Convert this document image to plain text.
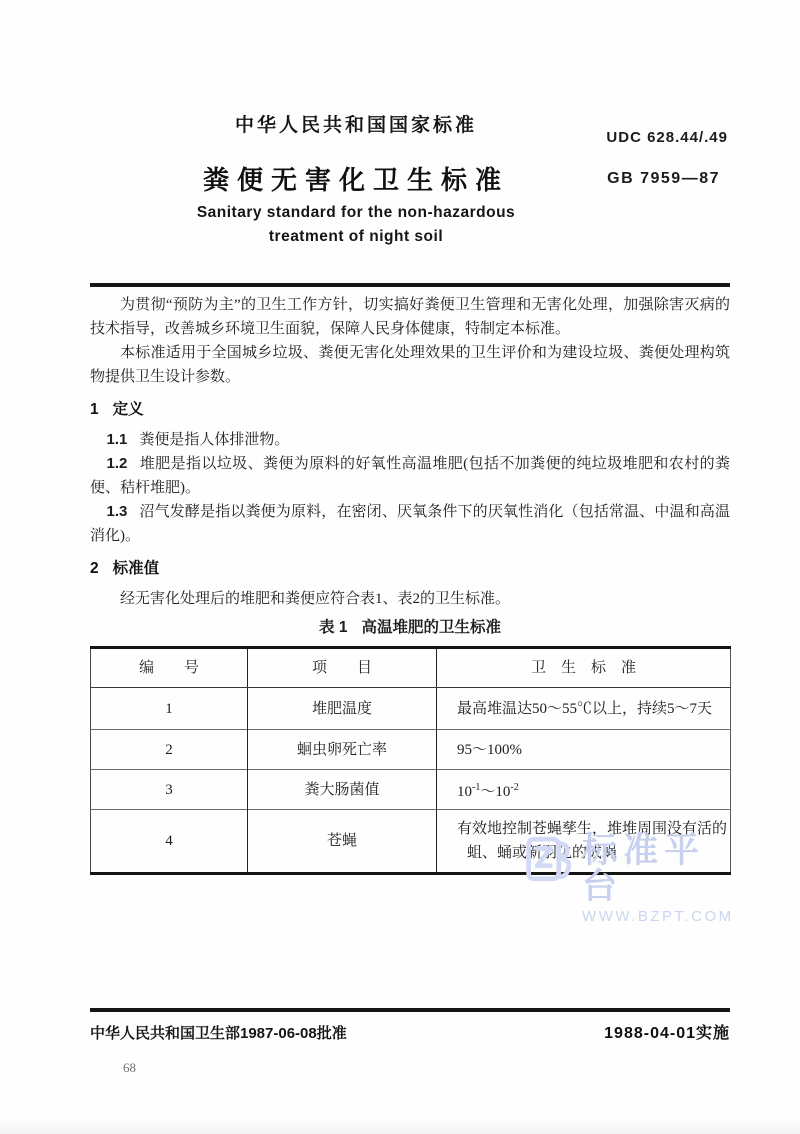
中华人民共和国国家标准
UDC 628.44/.49
粪便无害化卫生标准	GB 7959—87
Sanitary standard for the non-hazardous
treatment of night soil

为贯彻“预防为主”的卫生工作方针，切实搞好粪便卫生管理和无害化处理，加强除害灭病的技术指导，改善城乡环境卫生面貌，保障人民身体健康，特制定本标准。

本标准适用于全国城乡垃圾、粪便无害化处理效果的卫生评价和为建设垃圾、粪便处理构筑物提供卫生设计参数。

1 定义

1.1 粪便是指人体排泄物。

1.2 堆肥是指以垃圾、粪便为原料的好氧性高温堆肥(包括不加粪便的纯垃圾堆肥和农村的粪便、秸杆堆肥)。

1.3 沼气发酵是指以粪便为原料，在密闭、厌氧条件下的厌氧性消化（包括常温、中温和高温消化)。

2 标准值

经无害化处理后的堆肥和粪便应符合表1、表2的卫生标准。

表 1 高温堆肥的卫生标准
编　　号	项　　目	卫　生　标　准
1	堆肥温度	最高堆温达50～55℃以上，持续5～7天
2	蛔虫卵死亡率	95～100%
3	粪大肠菌值	$10^{-1}\sim 10^{-2}$
4	苍蝇	有效地控制苍蝇孳生，堆堆周围没有活的
蛆、蛹或新羽化的成蝇
标准平台
WWW.BZPT.COM
中华人民共和国卫生部1987-06-08批准	1988-04-01实施
68
